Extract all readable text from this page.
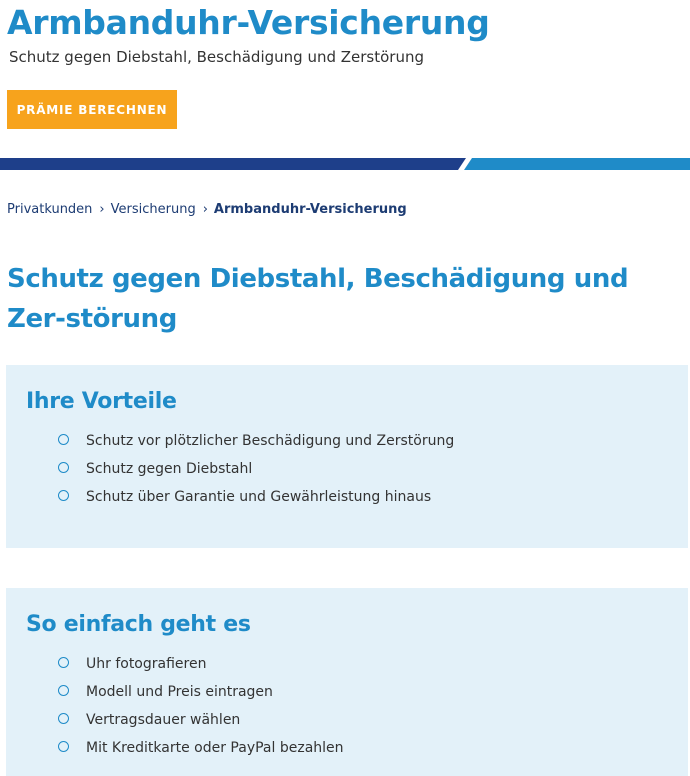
Armbanduhr-Versicherung

Schutz gegen Diebstahl, Beschädigung und Zerstörung

PRÄMIE BERECHNEN
Privatkunden › Versicherung › Armbanduhr-Versicherung
Schutz gegen Diebstahl, Beschädigung und Zer-störung
Ihre Vorteile
Schutz vor plötzlicher Beschädigung und Zerstörung
Schutz gegen Diebstahl
Schutz über Garantie und Gewährleistung hinaus
So einfach geht es
Uhr fotografieren
Modell und Preis eintragen
Vertragsdauer wählen
Mit Kreditkarte oder PayPal bezahlen
